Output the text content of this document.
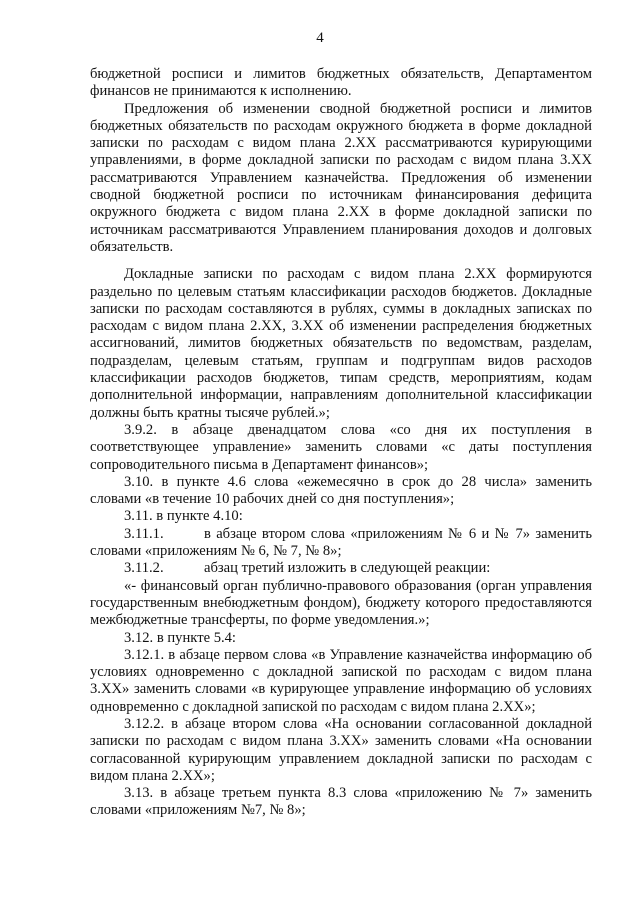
4

бюджетной росписи и лимитов бюджетных обязательств, Департаментом финансов не принимаются к исполнению.

Предложения об изменении сводной бюджетной росписи и лимитов бюджетных обязательств по расходам окружного бюджета в форме докладной записки по расходам с видом плана 2.ХХ рассматриваются курирующими управлениями, в форме докладной записки по расходам с видом плана 3.ХХ рассматриваются Управлением казначейства. Предложения об изменении сводной бюджетной росписи по источникам финансирования дефицита окружного бюджета с видом плана 2.ХХ в форме докладной записки по источникам рассматриваются Управлением планирования доходов и долговых обязательств.

Докладные записки по расходам с видом плана 2.ХХ формируются раздельно по целевым статьям классификации расходов бюджетов. Докладные записки по расходам составляются в рублях, суммы в докладных записках по расходам с видом плана 2.ХХ, 3.ХХ об изменении распределения бюджетных ассигнований, лимитов бюджетных обязательств по ведомствам, разделам, подразделам, целевым статьям, группам и подгруппам видов расходов классификации расходов бюджетов, типам средств, мероприятиям, кодам дополнительной информации, направлениям дополнительной классификации должны быть кратны тысяче рублей.»;

3.9.2. в абзаце двенадцатом слова «со дня их поступления в соответствующее управление» заменить словами «с даты поступления сопроводительного письма в Департамент финансов»;

3.10. в пункте 4.6 слова «ежемесячно в срок до 28 числа» заменить словами «в течение 10 рабочих дней со дня поступления»;

3.11. в пункте 4.10:

3.11.1.	в абзаце втором слова «приложениям № 6 и № 7» заменить словами «приложениям № 6, № 7, № 8»;

3.11.2.	абзац третий изложить в следующей реакции:

«- финансовый орган публично-правового образования (орган управления государственным внебюджетным фондом), бюджету которого предоставляются межбюджетные трансферты, по форме уведомления.»;

3.12. в пункте 5.4:

3.12.1. в абзаце первом слова «в Управление казначейства информацию об условиях одновременно с докладной запиской по расходам с видом плана 3.ХХ» заменить словами «в курирующее управление информацию об условиях одновременно с докладной запиской по расходам с видом плана 2.ХХ»;

3.12.2. в абзаце втором слова «На основании согласованной докладной записки по расходам с видом плана 3.ХХ» заменить словами «На основании согласованной курирующим управлением докладной записки по расходам с видом плана 2.ХХ»;

3.13. в абзаце третьем пункта 8.3 слова «приложению № 7» заменить словами «приложениям №7, № 8»;
